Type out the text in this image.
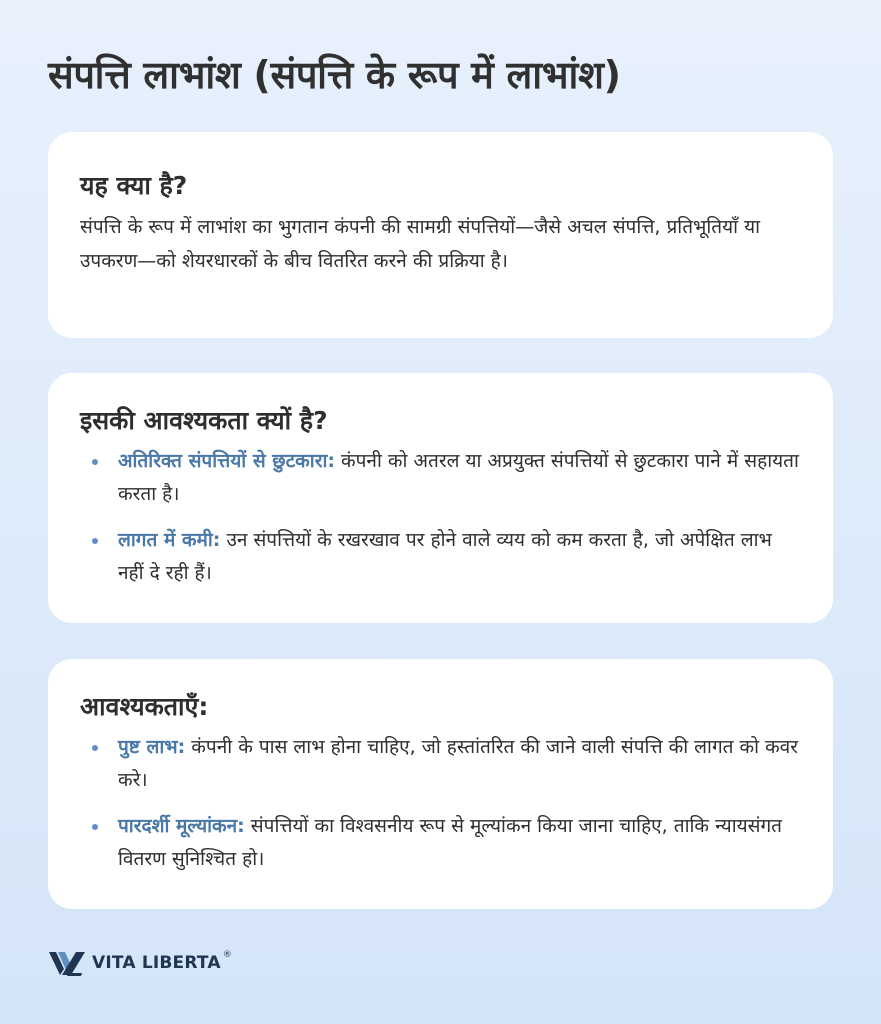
संपत्ति लाभांश (संपत्ति के रूप में लाभांश)
यह क्या है?

संपत्ति के रूप में लाभांश का भुगतान कंपनी की सामग्री संपत्तियों—जैसे अचल संपत्ति, प्रतिभूतियाँ या उपकरण—को शेयरधारकों के बीच वितरित करने की प्रक्रिया है।

इसकी आवश्यकता क्यों है?
अतिरिक्त संपत्तियों से छुटकारा: कंपनी को अतरल या अप्रयुक्त संपत्तियों से छुटकारा पाने में सहायता करता है।
लागत में कमी: उन संपत्तियों के रखरखाव पर होने वाले व्यय को कम करता है, जो अपेक्षित लाभ नहीं दे रही हैं।
आवश्यकताएँ:
पुष्ट लाभ: कंपनी के पास लाभ होना चाहिए, जो हस्तांतरित की जाने वाली संपत्ति की लागत को कवर करे।
पारदर्शी मूल्यांकन: संपत्तियों का विश्वसनीय रूप से मूल्यांकन किया जाना चाहिए, ताकि न्यायसंगत वितरण सुनिश्चित हो।
VITA LIBERTA ®
